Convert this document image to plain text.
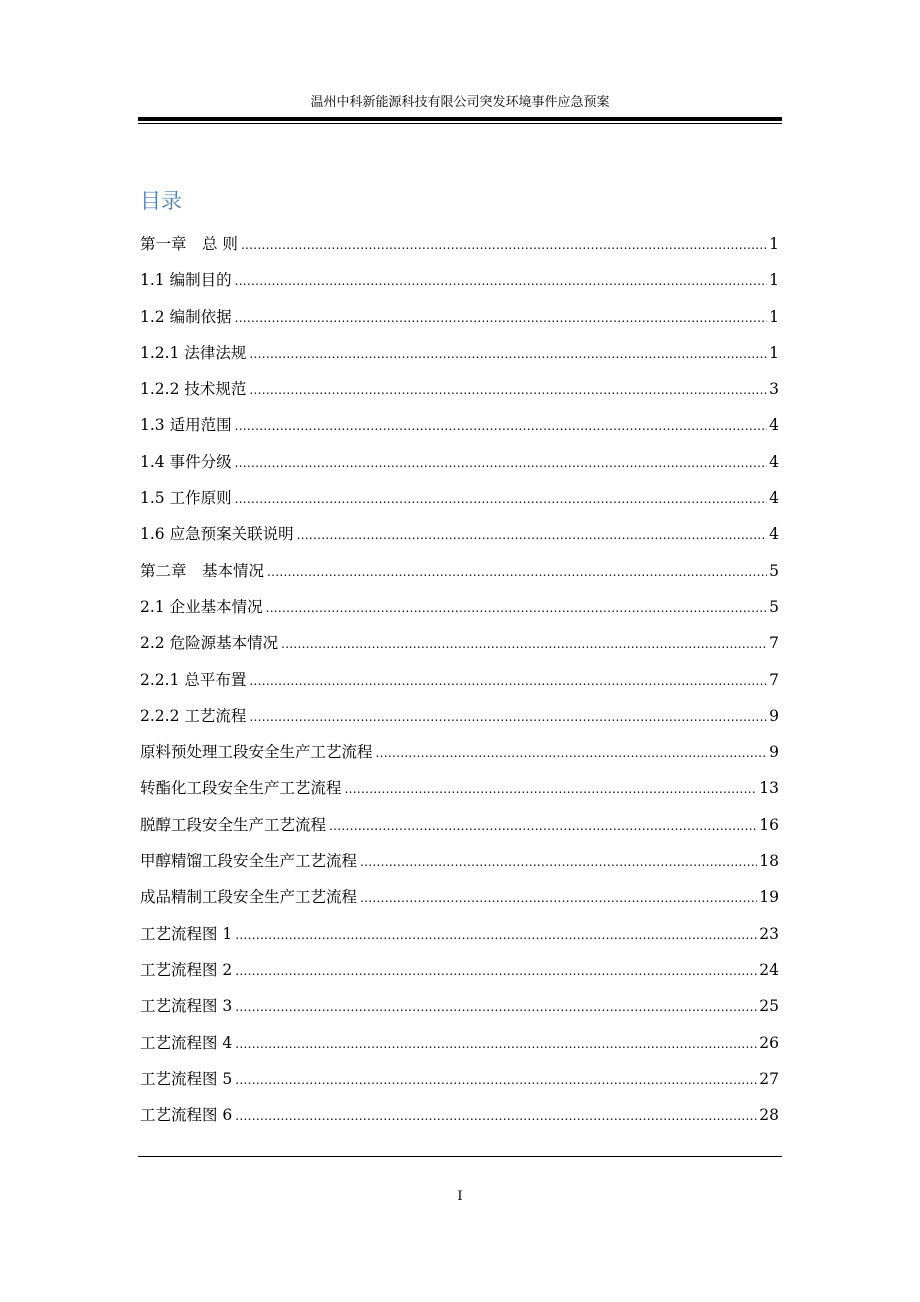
温州中科新能源科技有限公司突发环境事件应急预案
目录
第一章　总 则 .....	1
1.1 编制目的 .....	1
1.2 编制依据 .....	1
1.2.1 法律法规 .....	1
1.2.2 技术规范 .....	3
1.3 适用范围 .....	4
1.4 事件分级 .....	4
1.5 工作原则 .....	4
1.6 应急预案关联说明 .....	4
第二章　基本情况 .....	5
2.1 企业基本情况 .....	5
2.2 危险源基本情况 .....	7
2.2.1 总平布置 .....	7
2.2.2 工艺流程 .....	9
原料预处理工段安全生产工艺流程 .....	9
转酯化工段安全生产工艺流程 .....	13
脱醇工段安全生产工艺流程 .....	16
甲醇精馏工段安全生产工艺流程 .....	18
成品精制工段安全生产工艺流程 .....	19
工艺流程图 1 .....	23
工艺流程图 2 .....	24
工艺流程图 3 .....	25
工艺流程图 4 .....	26
工艺流程图 5 .....	27
工艺流程图 6 .....	28
I
